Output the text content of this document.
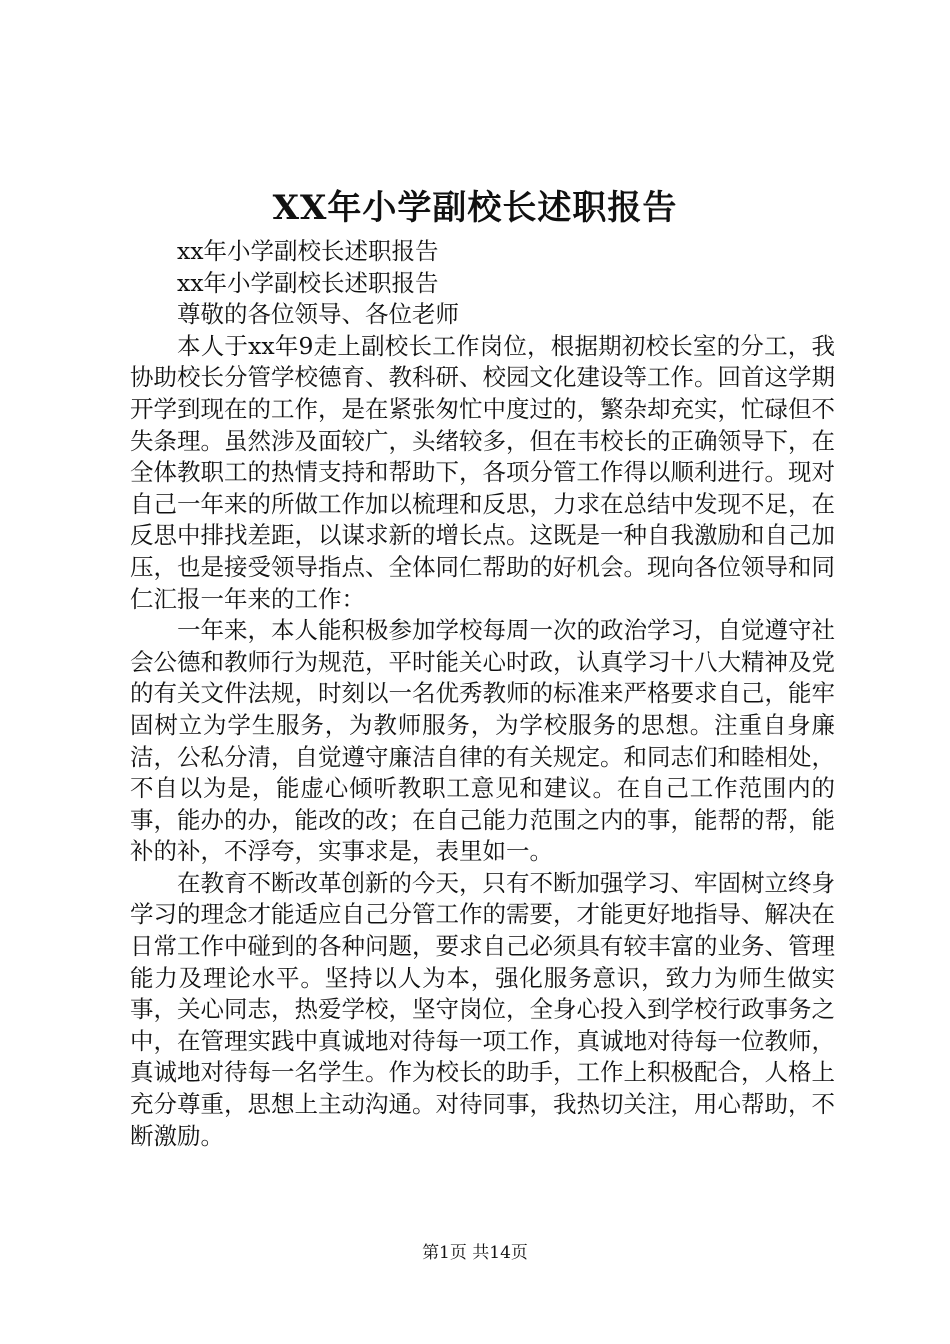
XX年小学副校长述职报告

xx年小学副校长述职报告

xx年小学副校长述职报告

尊敬的各位领导、各位老师

本人于xx年9走上副校长工作岗位，根据期初校长室的分工，我协助校长分管学校德育、教科研、校园文化建设等工作。回首这学期开学到现在的工作，是在紧张匆忙中度过的，繁杂却充实，忙碌但不失条理。虽然涉及面较广，头绪较多，但在韦校长的正确领导下，在全体教职工的热情支持和帮助下，各项分管工作得以顺利进行。现对自己一年来的所做工作加以梳理和反思，力求在总结中发现不足，在反思中排找差距，以谋求新的增长点。这既是一种自我激励和自己加压，也是接受领导指点、全体同仁帮助的好机会。现向各位领导和同仁汇报一年来的工作：

一年来，本人能积极参加学校每周一次的政治学习，自觉遵守社会公德和教师行为规范，平时能关心时政，认真学习十八大精神及党的有关文件法规，时刻以一名优秀教师的标准来严格要求自己，能牢固树立为学生服务，为教师服务，为学校服务的思想。注重自身廉洁，公私分清，自觉遵守廉洁自律的有关规定。和同志们和睦相处，不自以为是，能虚心倾听教职工意见和建议。在自己工作范围内的事，能办的办，能改的改；在自己能力范围之内的事，能帮的帮，能补的补，不浮夸，实事求是，表里如一。

在教育不断改革创新的今天，只有不断加强学习、牢固树立终身学习的理念才能适应自己分管工作的需要，才能更好地指导、解决在日常工作中碰到的各种问题，要求自己必须具有较丰富的业务、管理能力及理论水平。坚持以人为本，强化服务意识，致力为师生做实事，关心同志，热爱学校，坚守岗位，全身心投入到学校行政事务之中，在管理实践中真诚地对待每一项工作，真诚地对待每一位教师，真诚地对待每一名学生。作为校长的助手，工作上积极配合，人格上充分尊重，思想上主动沟通。对待同事，我热切关注，用心帮助，不断激励。

第1页 共14页
